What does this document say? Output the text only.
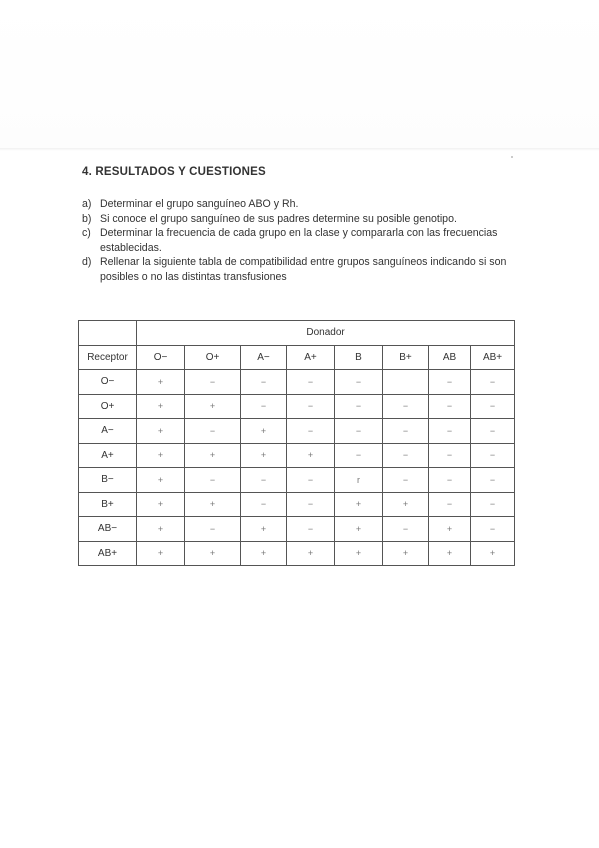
4. RESULTADOS Y CUESTIONES
a) Determinar el grupo sanguíneo ABO y Rh.
b) Si conoce el grupo sanguíneo de sus padres determine su posible genotipo.
c) Determinar la frecuencia de cada grupo en la clase y compararla con las frecuencias establecidas.
d) Rellenar la siguiente tabla de compatibilidad entre grupos sanguíneos indicando si son posibles o no las distintas transfusiones
	Donador							
Receptor	O−	O+	A−	A+	B	B+	AB	AB+
O−	+	−	−	−	−		−	−
O+	+	+	−	−	−	−	−	−
A−	+	−	+	−	−	−	−	−
A+	+	+	+	+	−	−	−	−
B−	+	−	−	−	r	−	−	−
B+	+	+	−	−	+	+	−	−
AB−	+	−	+	−	+	−	+	−
AB+	+	+	+	+	+	+	+	+
